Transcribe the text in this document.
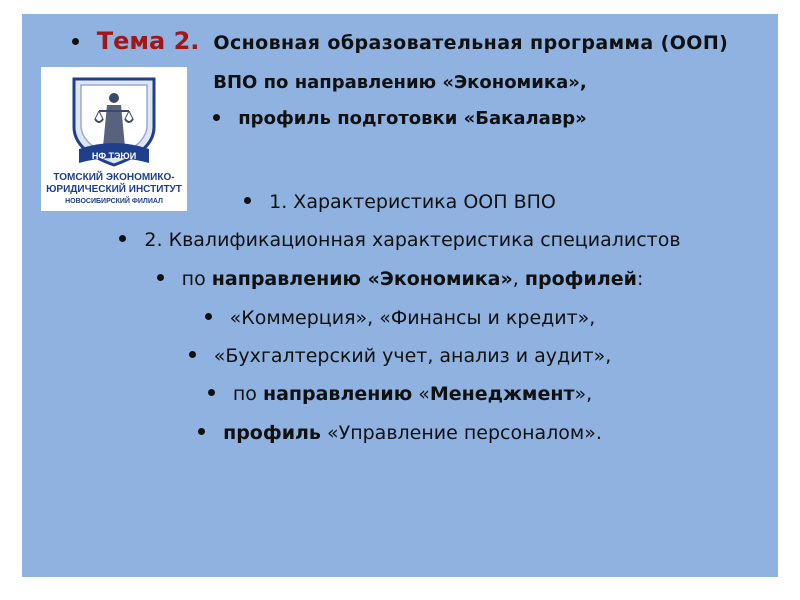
НФ ТЭЮИ
ТОМСКИЙ ЭКОНОМИКО-
ЮРИДИЧЕСКИЙ ИНСТИТУТ
НОВОСИБИРСКИЙ ФИЛИАЛ
Тема 2. Основная образовательная программа (ООП)
ВПО по направлению «Экономика»,
профиль подготовки «Бакалавр»
1. Характеристика ООП ВПО
2. Квалификационная характеристика специалистов
по направлению «Экономика», профилей:
«Коммерция», «Финансы и кредит»,
«Бухгалтерский учет, анализ и аудит»,
по направлению «Менеджмент»,
профиль «Управление персоналом».
